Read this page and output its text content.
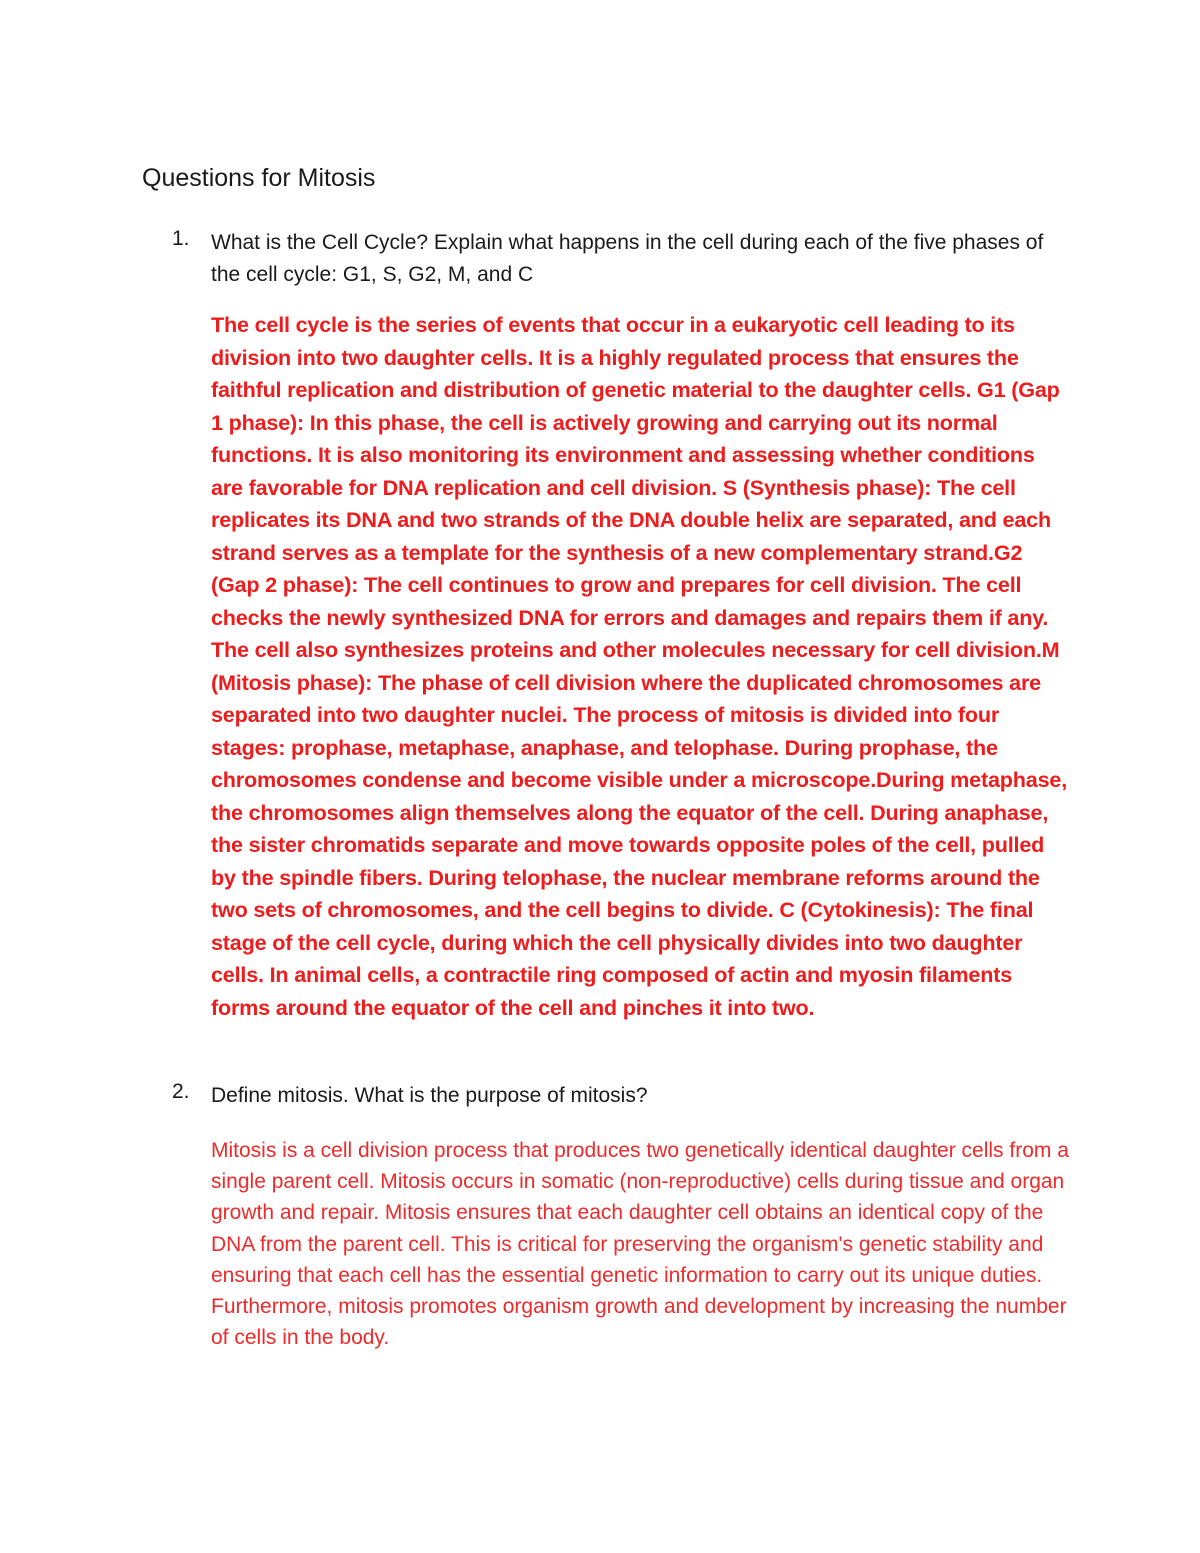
Questions for Mitosis
1. What is the Cell Cycle? Explain what happens in the cell during each of the five phases of the cell cycle: G1, S, G2, M, and C
The cell cycle is the series of events that occur in a eukaryotic cell leading to its division into two daughter cells. It is a highly regulated process that ensures the faithful replication and distribution of genetic material to the daughter cells. G1 (Gap 1 phase): In this phase, the cell is actively growing and carrying out its normal functions. It is also monitoring its environment and assessing whether conditions are favorable for DNA replication and cell division. S (Synthesis phase): The cell replicates its DNA and two strands of the DNA double helix are separated, and each strand serves as a template for the synthesis of a new complementary strand.G2 (Gap 2 phase): The cell continues to grow and prepares for cell division. The cell checks the newly synthesized DNA for errors and damages and repairs them if any. The cell also synthesizes proteins and other molecules necessary for cell division.M (Mitosis phase): The phase of cell division where the duplicated chromosomes are separated into two daughter nuclei. The process of mitosis is divided into four stages: prophase, metaphase, anaphase, and telophase. During prophase, the chromosomes condense and become visible under a microscope.During metaphase, the chromosomes align themselves along the equator of the cell. During anaphase, the sister chromatids separate and move towards opposite poles of the cell, pulled by the spindle fibers. During telophase, the nuclear membrane reforms around the two sets of chromosomes, and the cell begins to divide. C (Cytokinesis): The final stage of the cell cycle, during which the cell physically divides into two daughter cells. In animal cells, a contractile ring composed of actin and myosin filaments forms around the equator of the cell and pinches it into two.
2. Define mitosis. What is the purpose of mitosis?
Mitosis is a cell division process that produces two genetically identical daughter cells from a single parent cell. Mitosis occurs in somatic (non-reproductive) cells during tissue and organ growth and repair. Mitosis ensures that each daughter cell obtains an identical copy of the DNA from the parent cell. This is critical for preserving the organism's genetic stability and ensuring that each cell has the essential genetic information to carry out its unique duties. Furthermore, mitosis promotes organism growth and development by increasing the number of cells in the body.
